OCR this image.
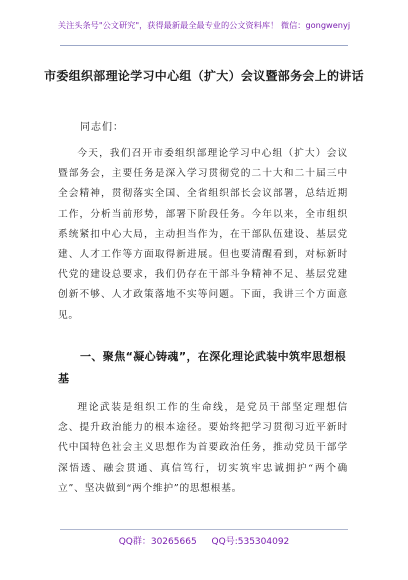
关注头条号"公文研究"，获得最新最全最专业的公文资料库！ 微信：gongwenyj
市委组织部理论学习中心组（扩大）会议暨部务会上的讲话
同志们：

今天，我们召开市委组织部理论学习中心组（扩大）会议暨部务会，主要任务是深入学习贯彻党的二十大和二十届三中全会精神，贯彻落实全国、全省组织部长会议部署，总结近期工作，分析当前形势，部署下阶段任务。今年以来，全市组织系统紧扣中心大局，主动担当作为，在干部队伍建设、基层党建、人才工作等方面取得新进展。但也要清醒看到，对标新时代党的建设总要求，我们仍存在干部斗争精神不足、基层党建创新不够、人才政策落地不实等问题。下面，我讲三个方面意见。

一、聚焦“凝心铸魂”，在深化理论武装中筑牢思想根基

理论武装是组织工作的生命线，是党员干部坚定理想信念、提升政治能力的根本途径。要始终把学习贯彻习近平新时代中国特色社会主义思想作为首要政治任务，推动党员干部学深悟透、融会贯通、真信笃行，切实筑牢忠诚拥护“两个确立”、坚决做到“两个维护”的思想根基。

QQ群：30265665 QQ号:535304092
